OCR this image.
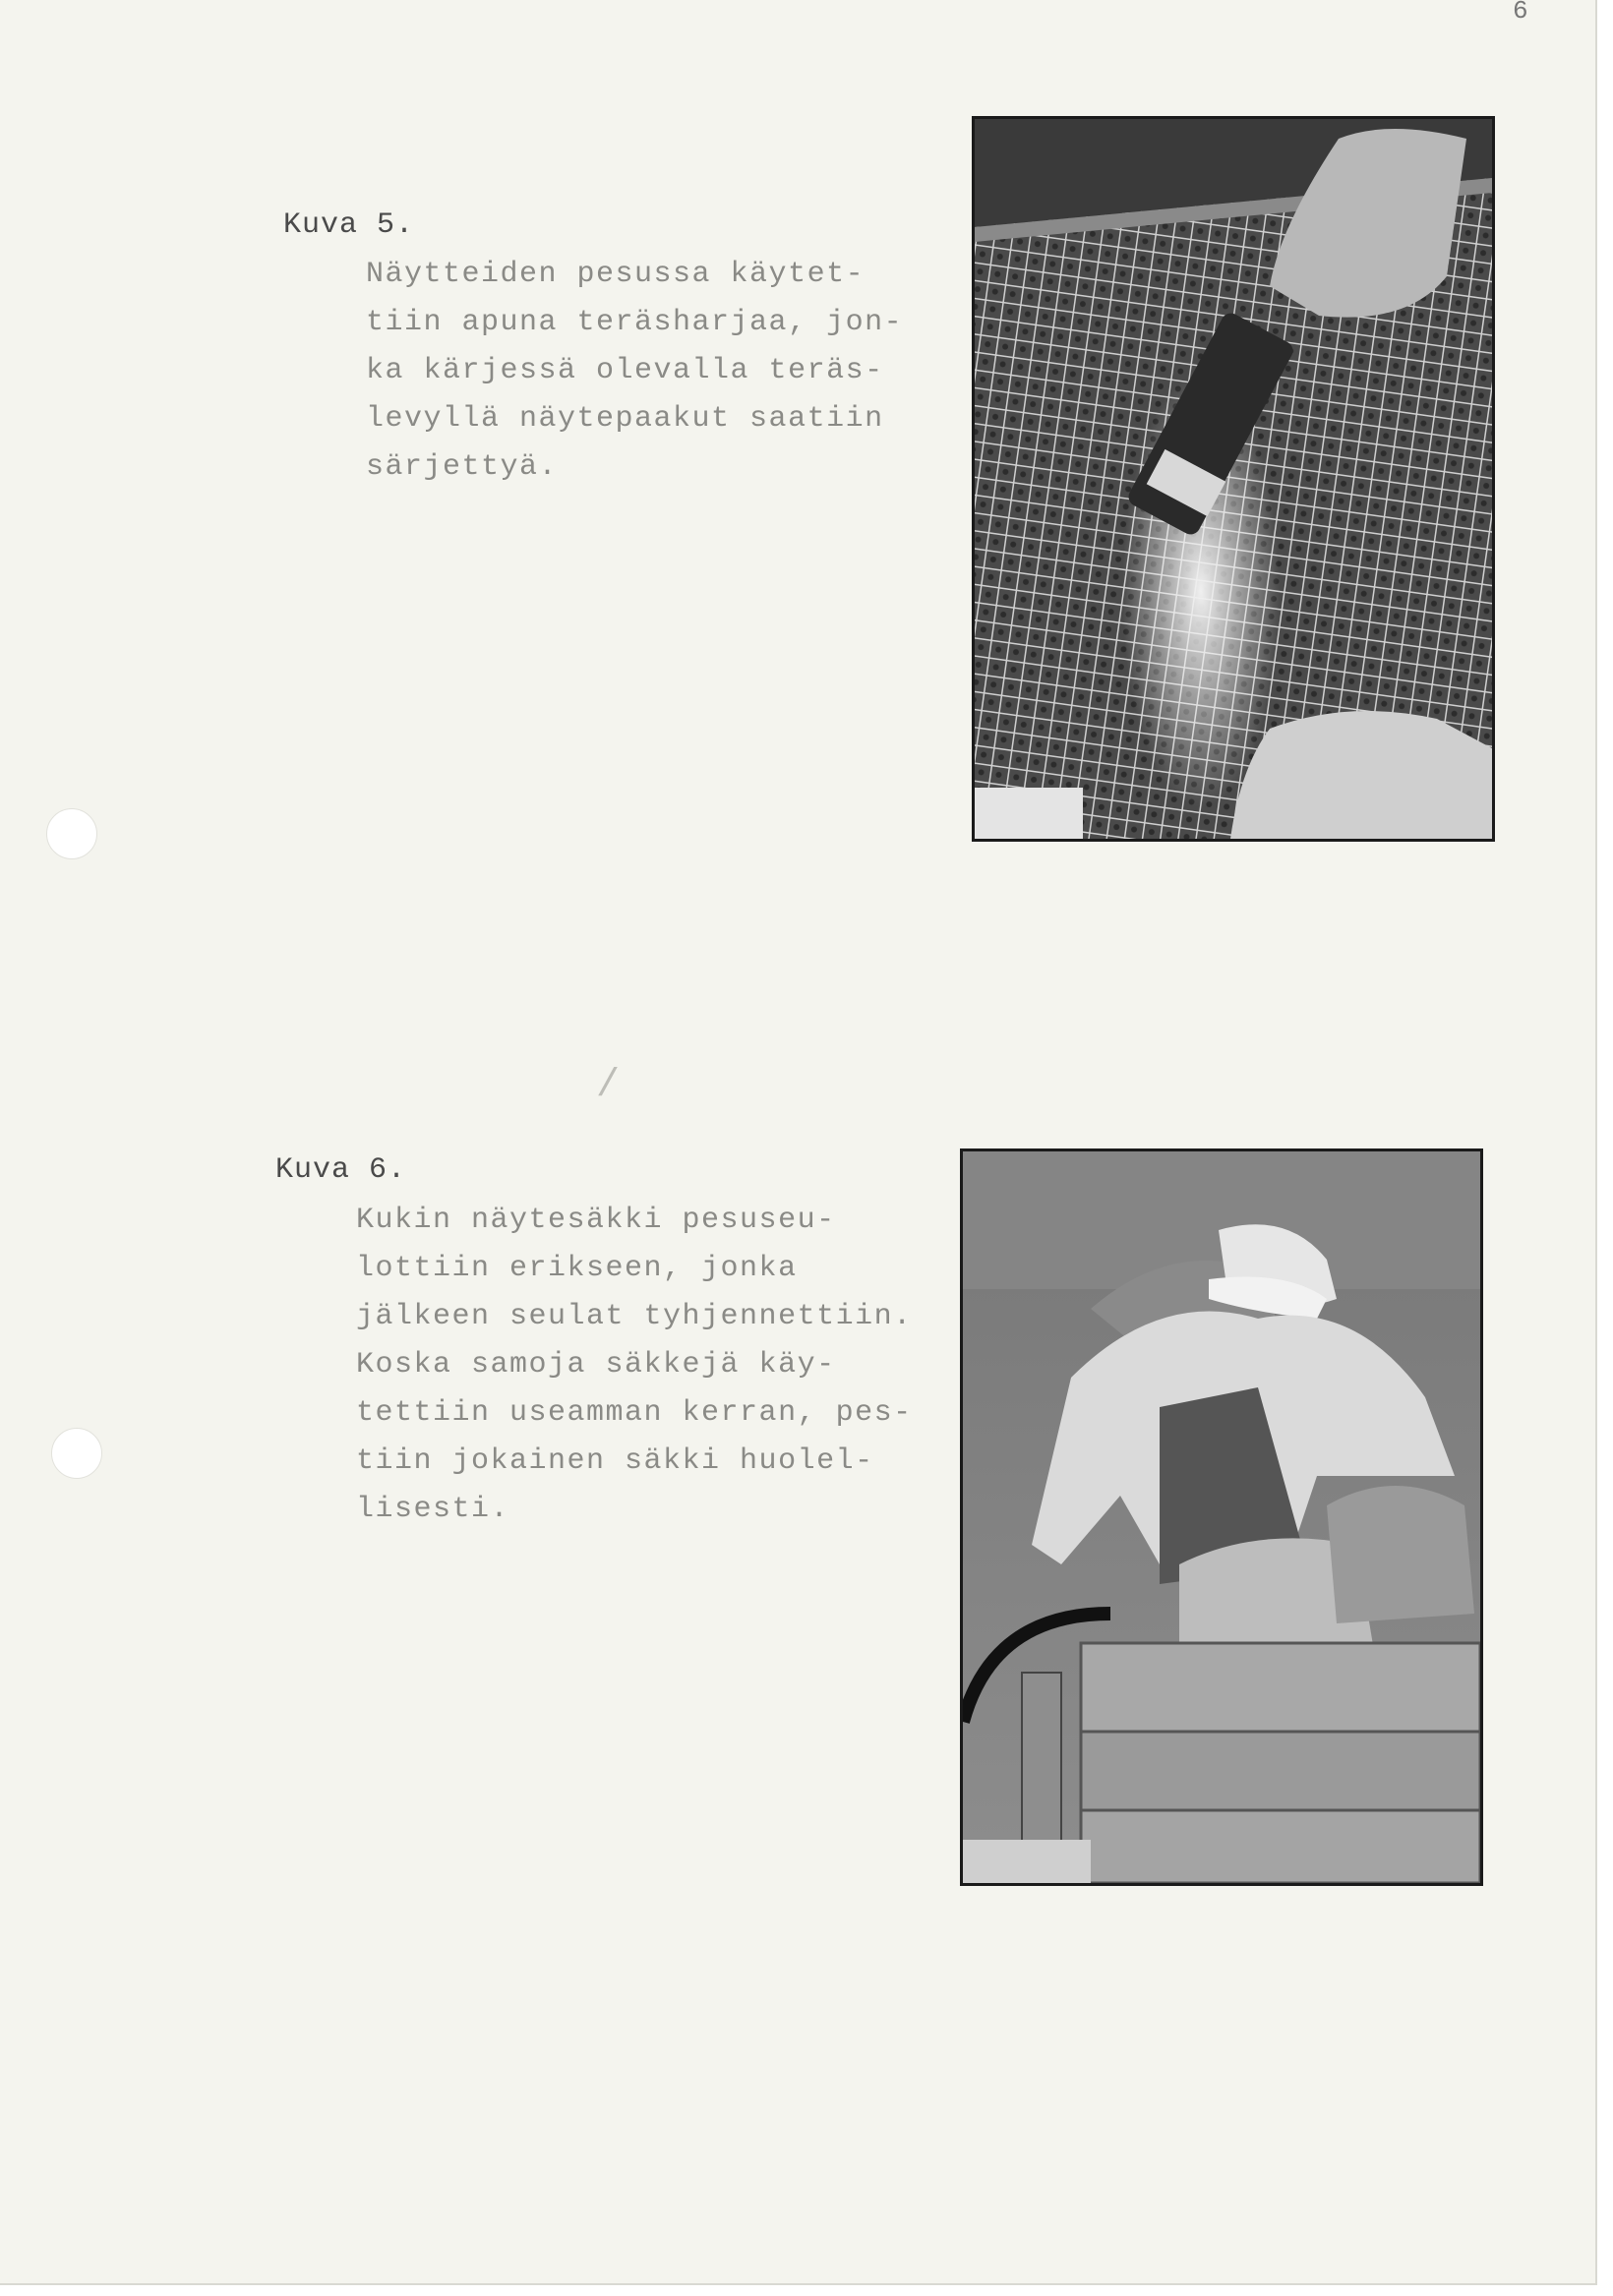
6
Kuva 5.
Näytteiden pesussa käytet-
tiin apuna teräsharjaa, jon-
ka kärjessä olevalla teräs-
levyllä näytepaakut saatiin
särjettyä.
/
Kuva 6.
Kukin näytesäkki pesuseu-
lottiin erikseen, jonka
jälkeen seulat tyhjennettiin.
Koska samoja säkkejä käy-
tettiin useamman kerran, pes-
tiin jokainen säkki huolel-
lisesti.
